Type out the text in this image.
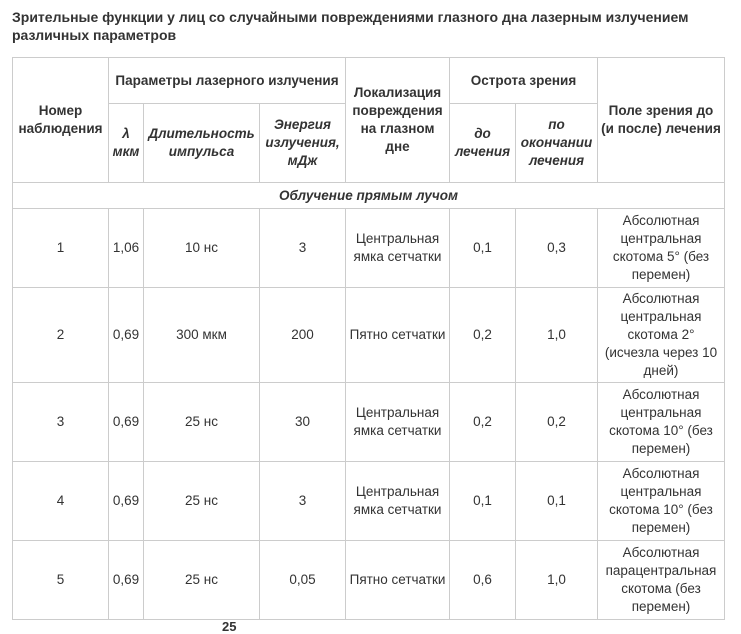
Зрительные функции у лиц со случайными повреждениями глазного дна лазерным излучением различных параметров
Номер наблюдения	Параметры лазерного излучения			Локализация повреждения на глазном дне	Острота зрения		Поле зрения до (и после) лечения
	λ мкм	Длительность импульса	Энергия излучения, мДж		до лечения	по окончании лечения	
Облучение прямым лучом							
1	1,06	10 нс	3	Центральная ямка сетчатки	0,1	0,3	Абсолютная центральная скотома 5° (без перемен)
2	0,69	300 мкм	200	Пятно сетчатки	0,2	1,0	Абсолютная центральная скотома 2° (исчезла через 10 дней)
3	0,69	25 нс	30	Центральная ямка сетчатки	0,2	0,2	Абсолютная центральная скотома 10° (без перемен)
4	0,69	25 нс	3	Центральная ямка сетчатки	0,1	0,1	Абсолютная центральная скотома 10° (без перемен)
5	0,69	25 нс	0,05	Пятно сетчатки	0,6	1,0	Абсолютная парацентральная скотома (без перемен)
25
